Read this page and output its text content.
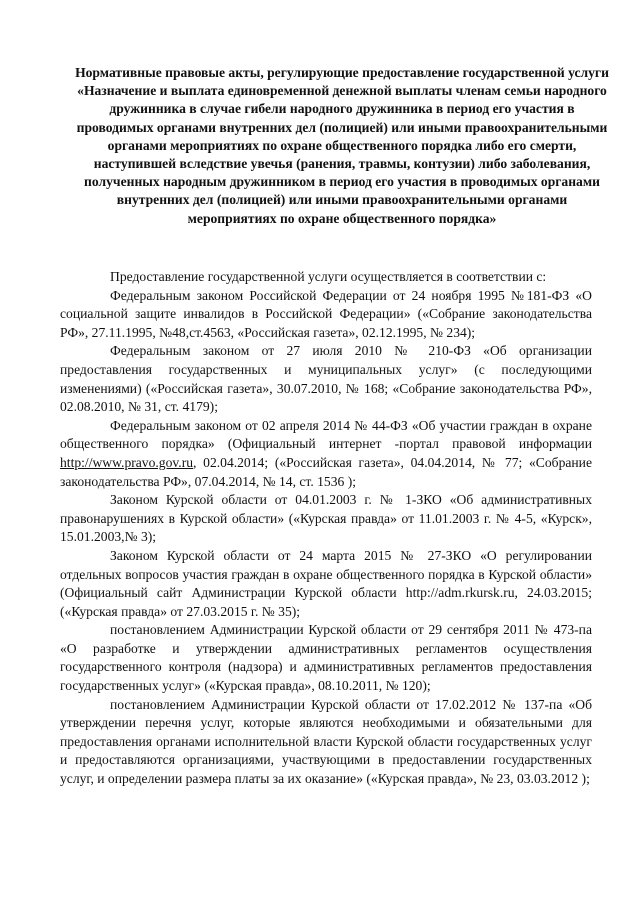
Нормативные правовые акты, регулирующие предоставление государственной услуги «Назначение и выплата единовременной денежной выплаты членам семьи народного дружинника в случае гибели народного дружинника в период его участия в проводимых органами внутренних дел (полицией) или иными правоохранительными органами мероприятиях по охране общественного порядка либо его смерти, наступившей вследствие увечья (ранения, травмы, контузии) либо заболевания, полученных народным дружинником в период его участия в проводимых органами внутренних дел (полицией) или иными правоохранительными органами мероприятиях по охране общественного порядка»

Предоставление государственной услуги осуществляется в соответствии с:

Федеральным законом Российской Федерации от 24 ноября 1995 №181-ФЗ «О социальной защите инвалидов в Российской Федерации» («Собрание законодательства РФ», 27.11.1995, №48,ст.4563, «Российская газета», 02.12.1995, № 234);

Федеральным законом от 27 июля 2010 № 210-ФЗ «Об организации предоставления государственных и муниципальных услуг» (с последующими изменениями) («Российская газета», 30.07.2010, № 168; «Собрание законодательства РФ», 02.08.2010, № 31, ст. 4179);

Федеральным законом от 02 апреля 2014 № 44-ФЗ «Об участии граждан в охране общественного порядка» (Официальный интернет -портал правовой информации http://www.pravo.gov.ru, 02.04.2014; («Российская газета», 04.04.2014, № 77; «Собрание законодательства РФ», 07.04.2014, № 14, ст. 1536 );

Законом Курской области от 04.01.2003 г. № 1-ЗКО «Об административных правонарушениях в Курской области» («Курская правда» от 11.01.2003 г. № 4-5, «Курск», 15.01.2003,№ 3);

Законом Курской области от 24 марта 2015 № 27-ЗКО «О регулировании отдельных вопросов участия граждан в охране общественного порядка в Курской области» (Официальный сайт Администрации Курской области http://adm.rkursk.ru, 24.03.2015; («Курская правда» от 27.03.2015 г. № 35);

постановлением Администрации Курской области от 29 сентября 2011 № 473-па «О разработке и утверждении административных регламентов осуществления государственного контроля (надзора) и административных регламентов предоставления государственных услуг» («Курская правда», 08.10.2011, № 120);

постановлением Администрации Курской области от 17.02.2012 № 137-па «Об утверждении перечня услуг, которые являются необходимыми и обязательными для предоставления органами исполнительной власти Курской области государственных услуг и предоставляются организациями, участвующими в предоставлении государственных услуг, и определении размера платы за их оказание» («Курская правда», № 23, 03.03.2012 );
